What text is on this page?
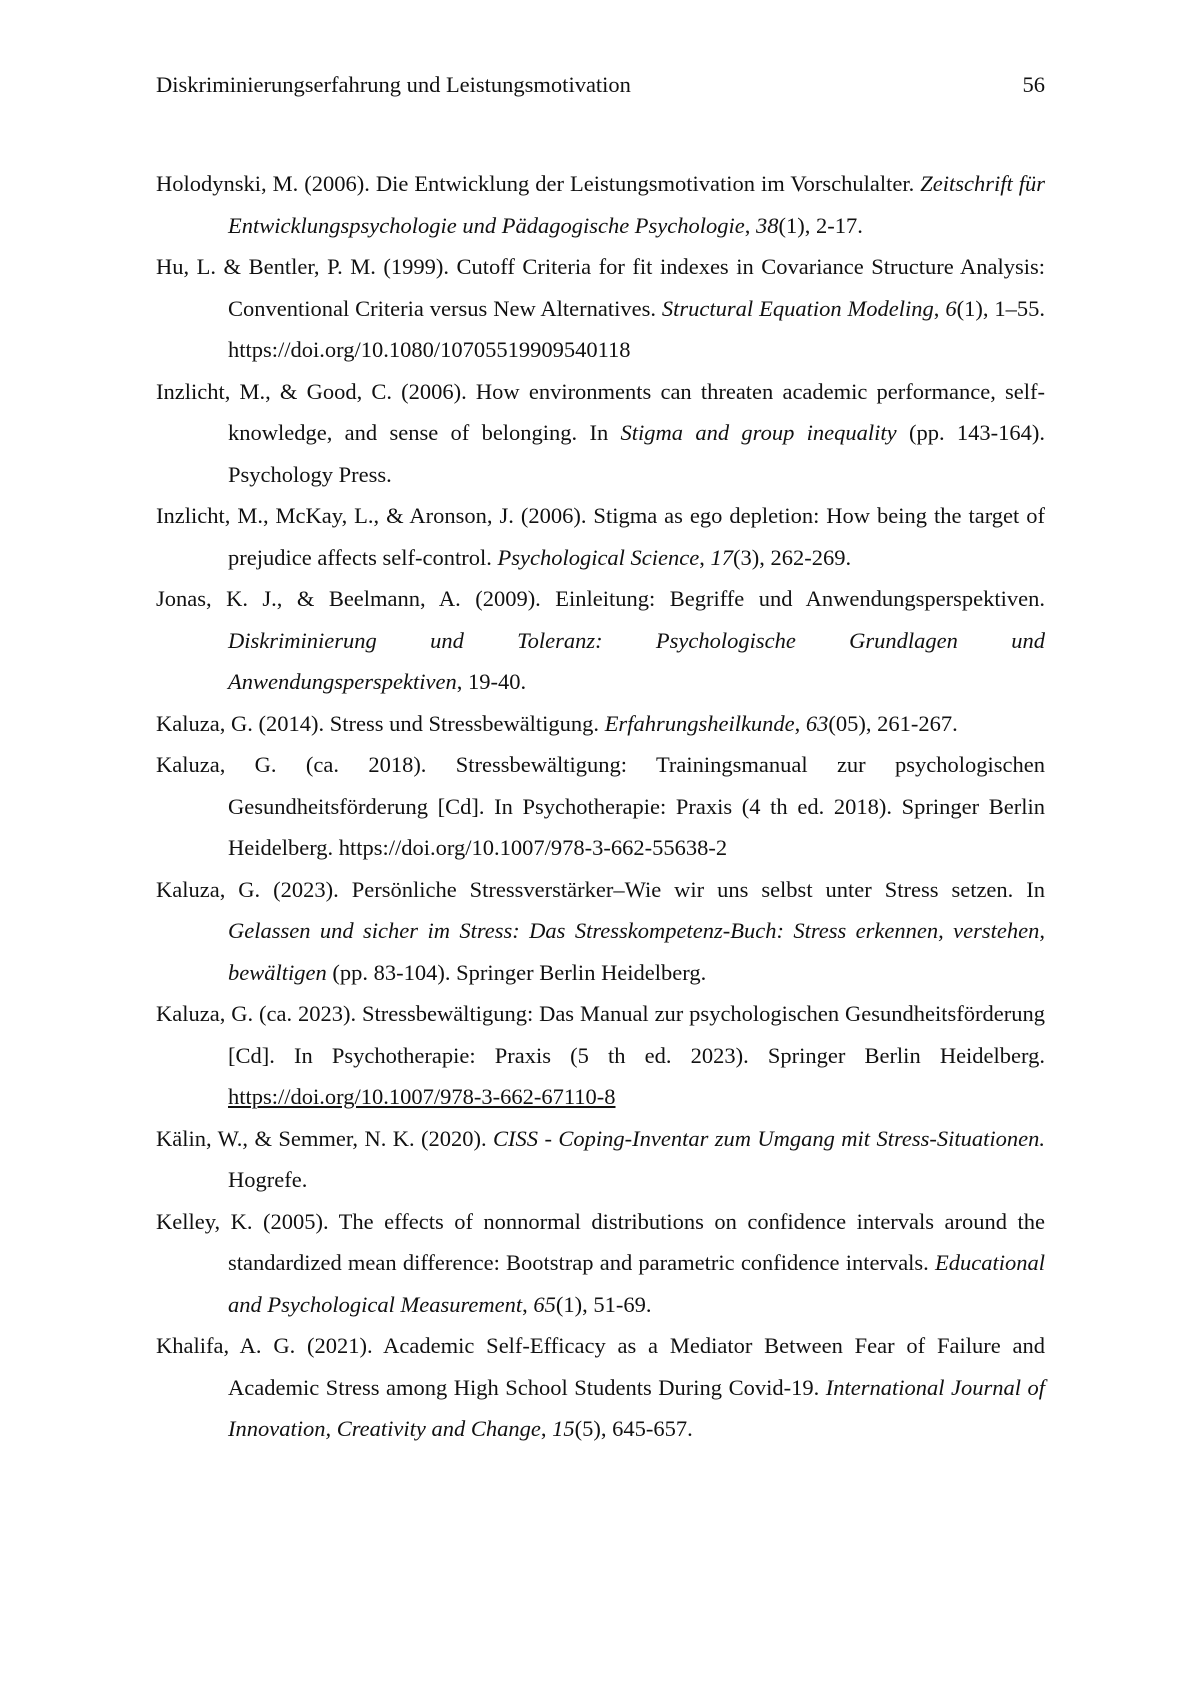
Diskriminierungserfahrung und Leistungsmotivation	56

Holodynski, M. (2006). Die Entwicklung der Leistungsmotivation im Vorschulalter. Zeitschrift für Entwicklungspsychologie und Pädagogische Psychologie, 38(1), 2-17.

Hu, L. & Bentler, P. M. (1999). Cutoff Criteria for fit indexes in Covariance Structure Analysis: Conventional Criteria versus New Alternatives. Structural Equation Modeling, 6(1), 1–55. https://doi.org/10.1080/10705519909540118

Inzlicht, M., & Good, C. (2006). How environments can threaten academic performance, self-knowledge, and sense of belonging. In Stigma and group inequality (pp. 143-164). Psychology Press.

Inzlicht, M., McKay, L., & Aronson, J. (2006). Stigma as ego depletion: How being the target of prejudice affects self-control. Psychological Science, 17(3), 262-269.

Jonas, K. J., & Beelmann, A. (2009). Einleitung: Begriffe und Anwendungsperspektiven. Diskriminierung und Toleranz: Psychologische Grundlagen und Anwendungsperspektiven, 19-40.

Kaluza, G. (2014). Stress und Stressbewältigung. Erfahrungsheilkunde, 63(05), 261-267.

Kaluza, G. (ca. 2018). Stressbewältigung: Trainingsmanual zur psychologischen Gesundheitsförderung [Cd]. In Psychotherapie: Praxis (4 th ed. 2018). Springer Berlin Heidelberg. https://doi.org/10.1007/978-3-662-55638-2

Kaluza, G. (2023). Persönliche Stressverstärker–Wie wir uns selbst unter Stress setzen. In Gelassen und sicher im Stress: Das Stresskompetenz-Buch: Stress erkennen, verstehen, bewältigen (pp. 83-104). Springer Berlin Heidelberg.

Kaluza, G. (ca. 2023). Stressbewältigung: Das Manual zur psychologischen Gesundheitsförderung [Cd]. In Psychotherapie: Praxis (5 th ed. 2023). Springer Berlin Heidelberg. https://doi.org/10.1007/978-3-662-67110-8

Kälin, W., & Semmer, N. K. (2020). CISS - Coping-Inventar zum Umgang mit Stress-Situationen. Hogrefe.

Kelley, K. (2005). The effects of nonnormal distributions on confidence intervals around the standardized mean difference: Bootstrap and parametric confidence intervals. Educational and Psychological Measurement, 65(1), 51-69.

Khalifa, A. G. (2021). Academic Self-Efficacy as a Mediator Between Fear of Failure and Academic Stress among High School Students During Covid-19. International Journal of Innovation, Creativity and Change, 15(5), 645-657.
